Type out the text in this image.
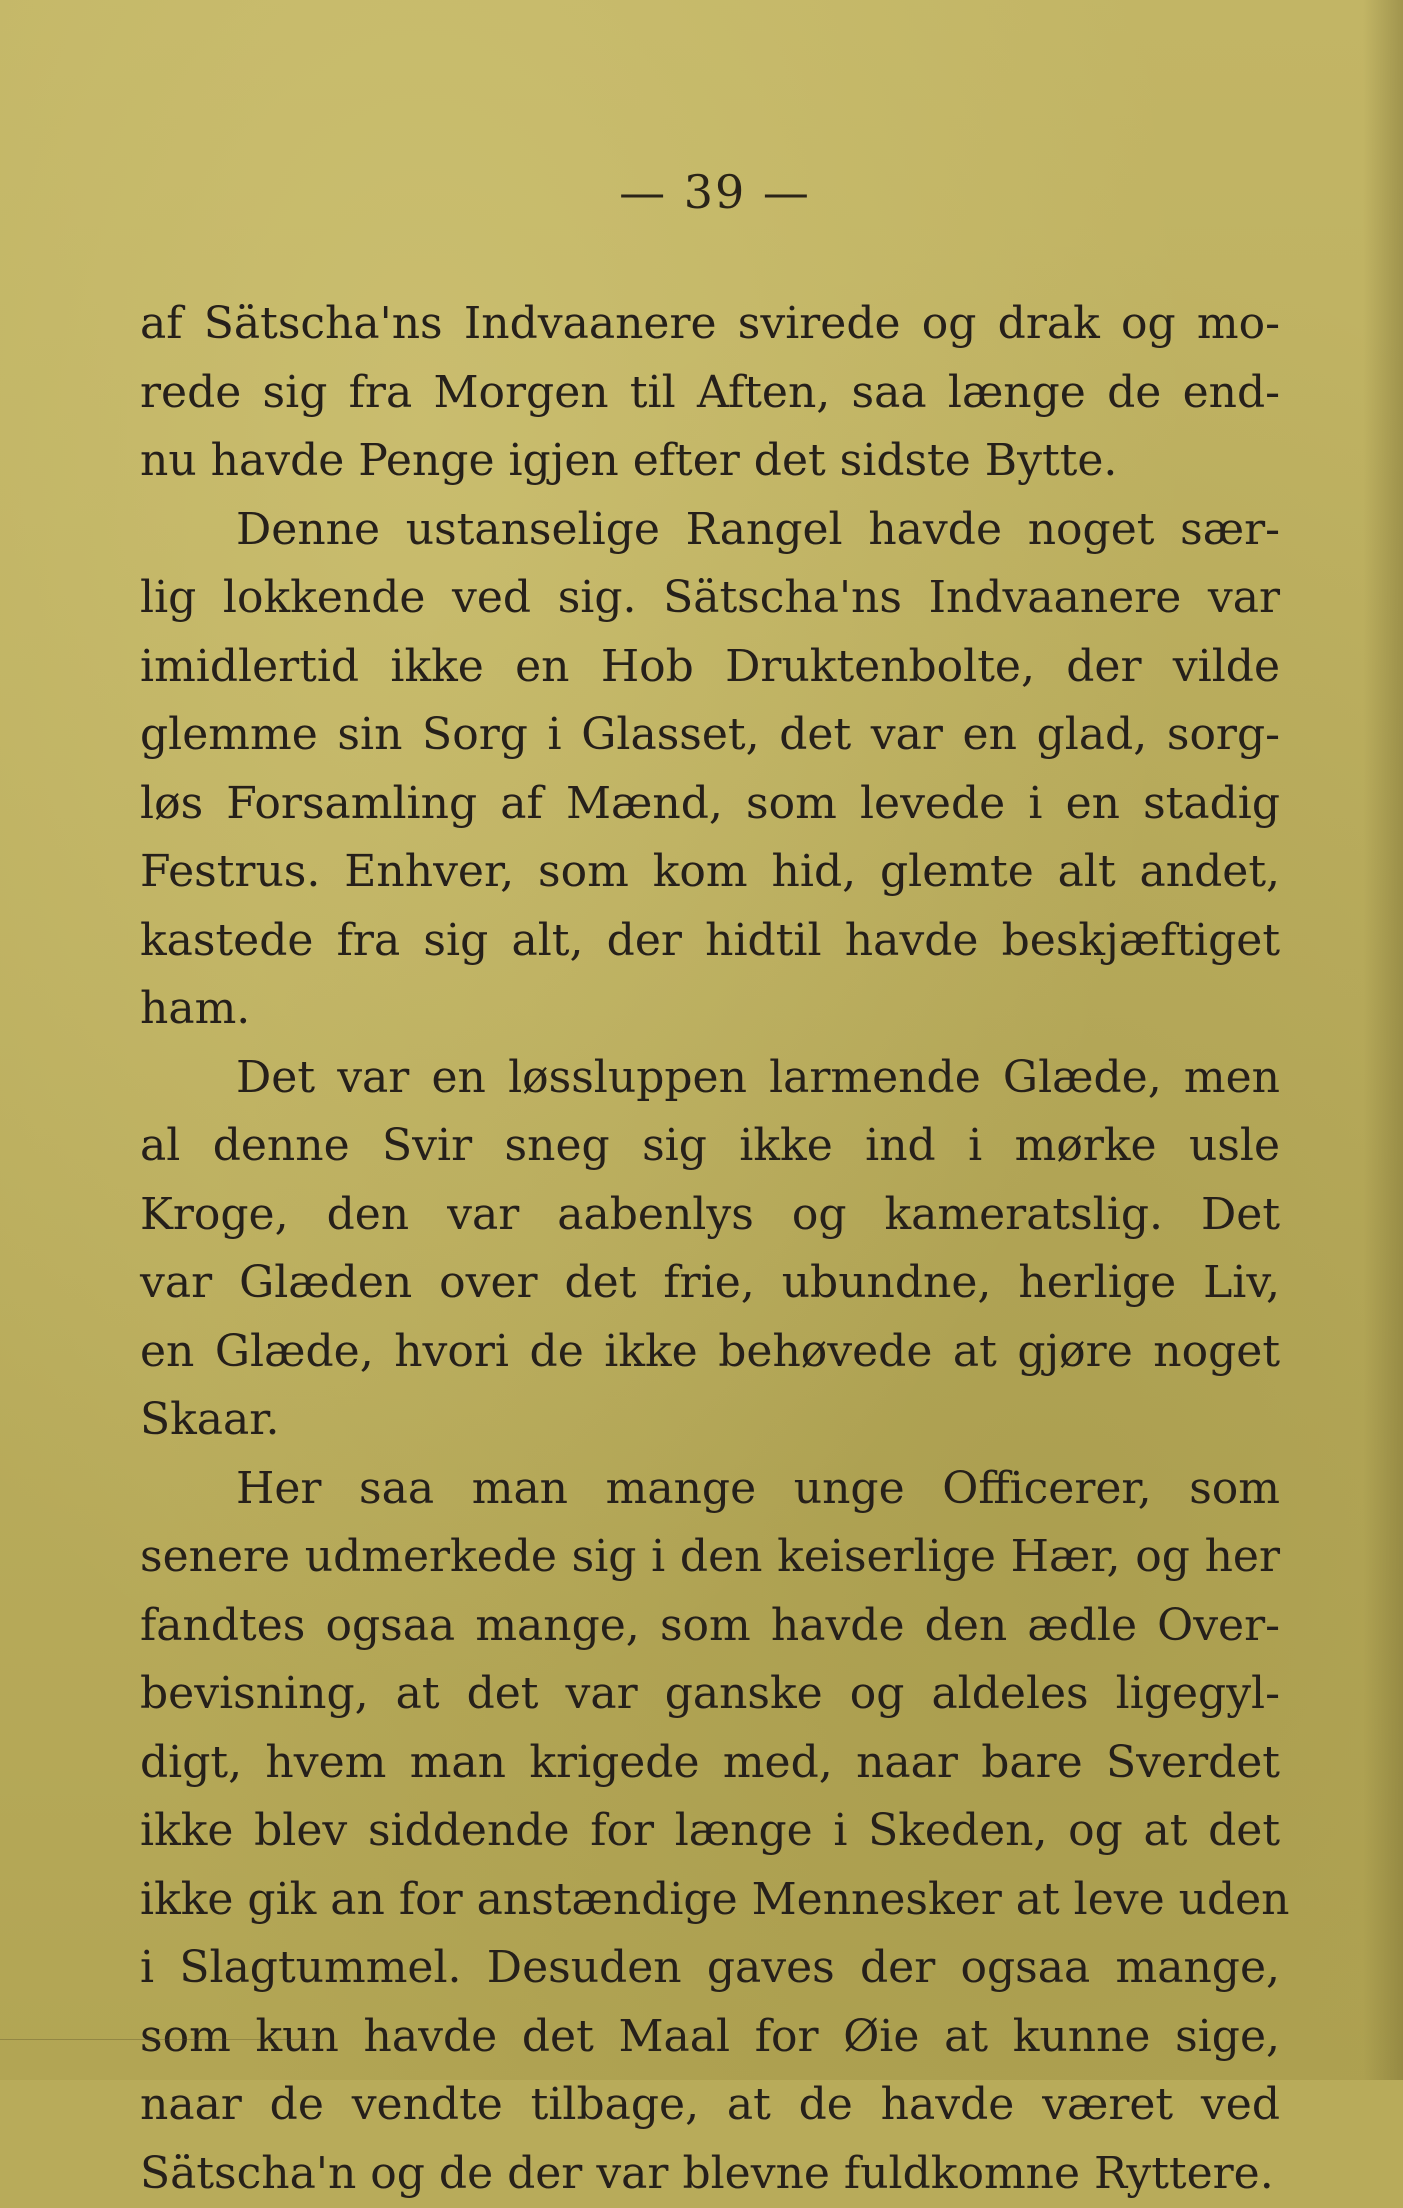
— 39 —

af Sätscha'ns Indvaanere svirede og drak og mo-
rede sig fra Morgen til Aften, saa længe de end-
nu havde Penge igjen efter det sidste Bytte.

Denne ustanselige Rangel havde noget sær-
lig lokkende ved sig. Sätscha'ns Indvaanere var
imidlertid ikke en Hob Druktenbolte, der vilde
glemme sin Sorg i Glasset, det var en glad, sorg-
løs Forsamling af Mænd, som levede i en stadig
Festrus. Enhver, som kom hid, glemte alt andet,
kastede fra sig alt, der hidtil havde beskjæftiget
ham.

Det var en løssluppen larmende Glæde, men
al denne Svir sneg sig ikke ind i mørke usle
Kroge, den var aabenlys og kameratslig. Det
var Glæden over det frie, ubundne, herlige Liv,
en Glæde, hvori de ikke behøvede at gjøre noget
Skaar.

Her saa man mange unge Officerer, som
senere udmerkede sig i den keiserlige Hær, og her
fandtes ogsaa mange, som havde den ædle Over-
bevisning, at det var ganske og aldeles ligegyl-
digt, hvem man krigede med, naar bare Sverdet
ikke blev siddende for længe i Skeden, og at det
ikke gik an for anstændige Mennesker at leve uden
i Slagtummel. Desuden gaves der ogsaa mange,
som kun havde det Maal for Øie at kunne sige,
naar de vendte tilbage, at de havde været ved
Sätscha'n og de der var blevne fuldkomne Ryttere.
